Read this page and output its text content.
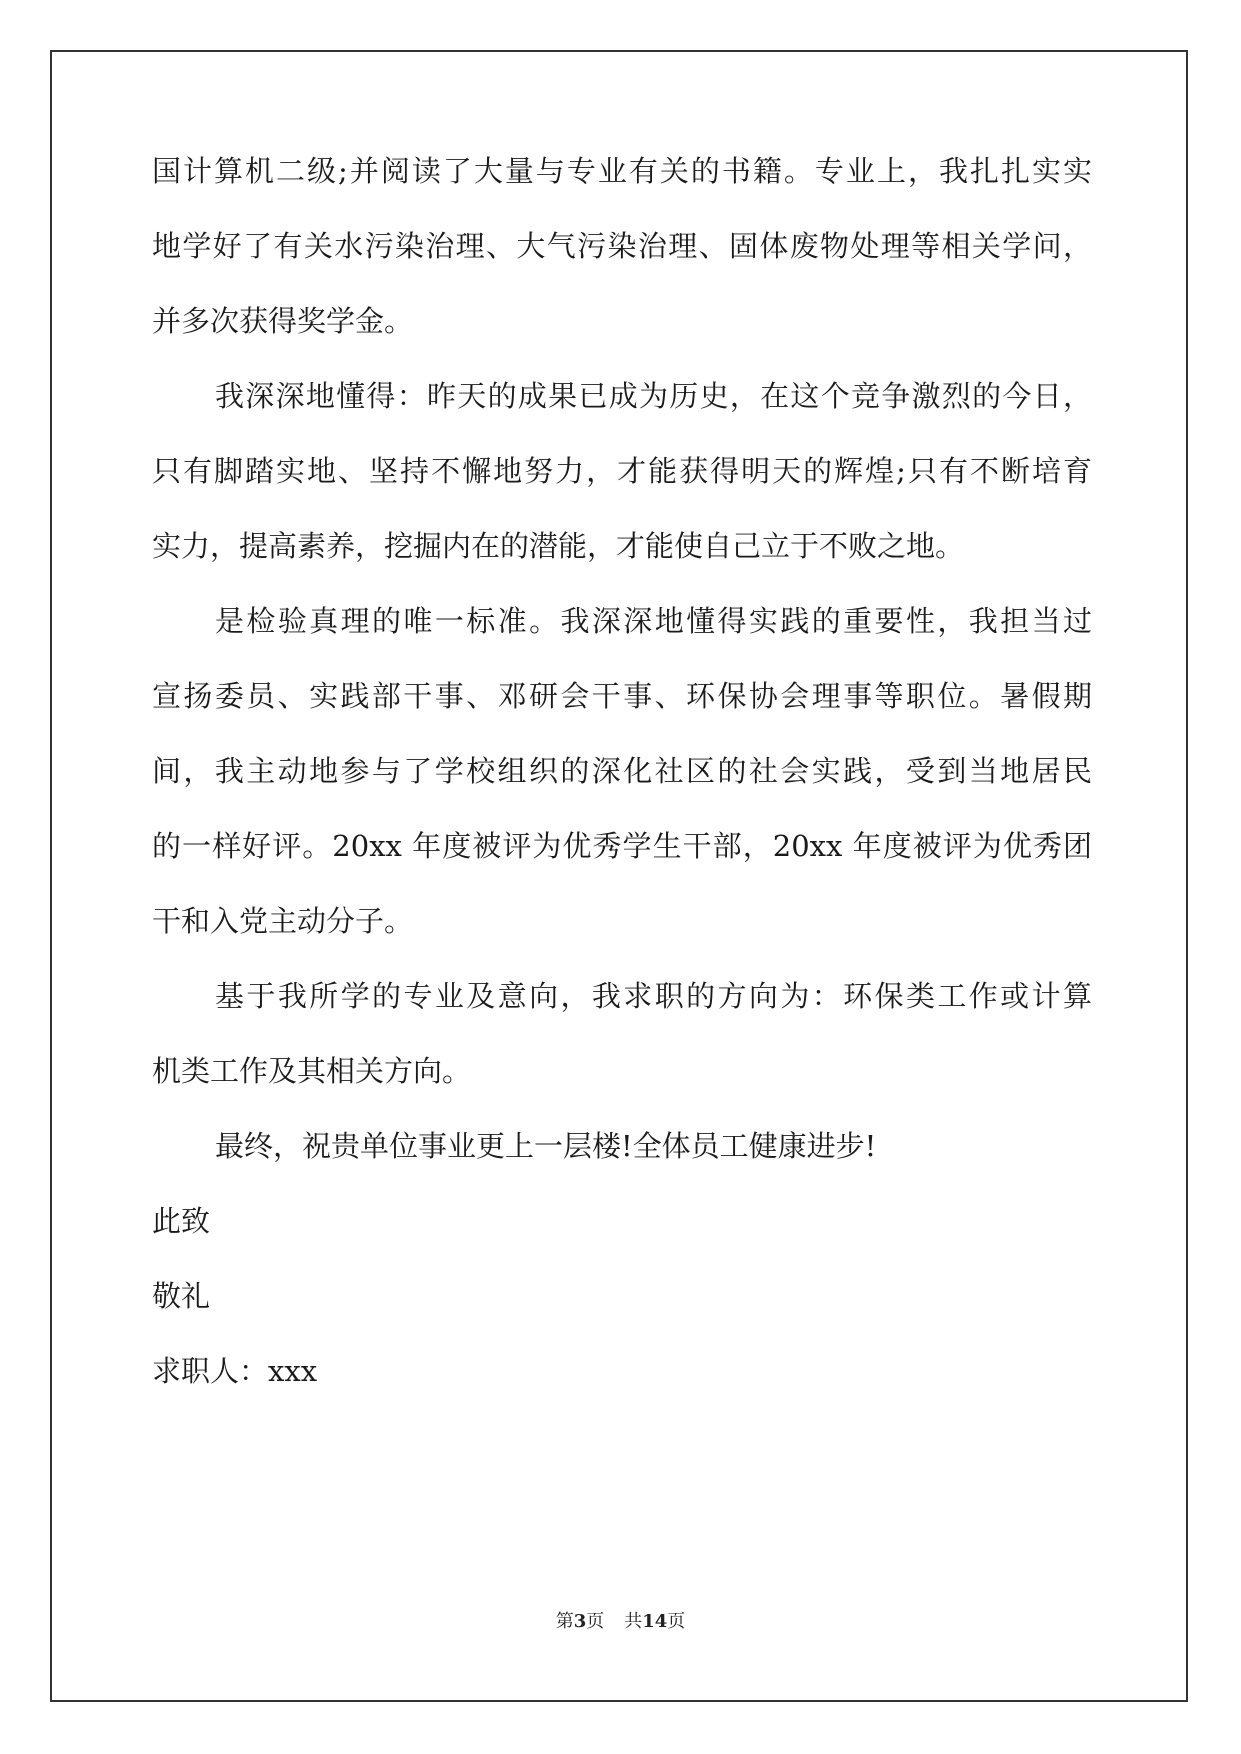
国计算机二级;并阅读了大量与专业有关的书籍。专业上，我扎扎实实
地学好了有关水污染治理、大气污染治理、固体废物处理等相关学问，
并多次获得奖学金。
我深深地懂得：昨天的成果已成为历史，在这个竞争激烈的今日，
只有脚踏实地、坚持不懈地努力，才能获得明天的辉煌;只有不断培育
实力，提高素养，挖掘内在的潜能，才能使自己立于不败之地。
是检验真理的唯一标准。我深深地懂得实践的重要性，我担当过
宣扬委员、实践部干事、邓研会干事、环保协会理事等职位。暑假期
间，我主动地参与了学校组织的深化社区的社会实践，受到当地居民
的一样好评。20xx 年度被评为优秀学生干部，20xx 年度被评为优秀团
干和入党主动分子。
基于我所学的专业及意向，我求职的方向为：环保类工作或计算
机类工作及其相关方向。
最终，祝贵单位事业更上一层楼!全体员工健康进步!
此致
敬礼
求职人：xxx
第3页 共14页
